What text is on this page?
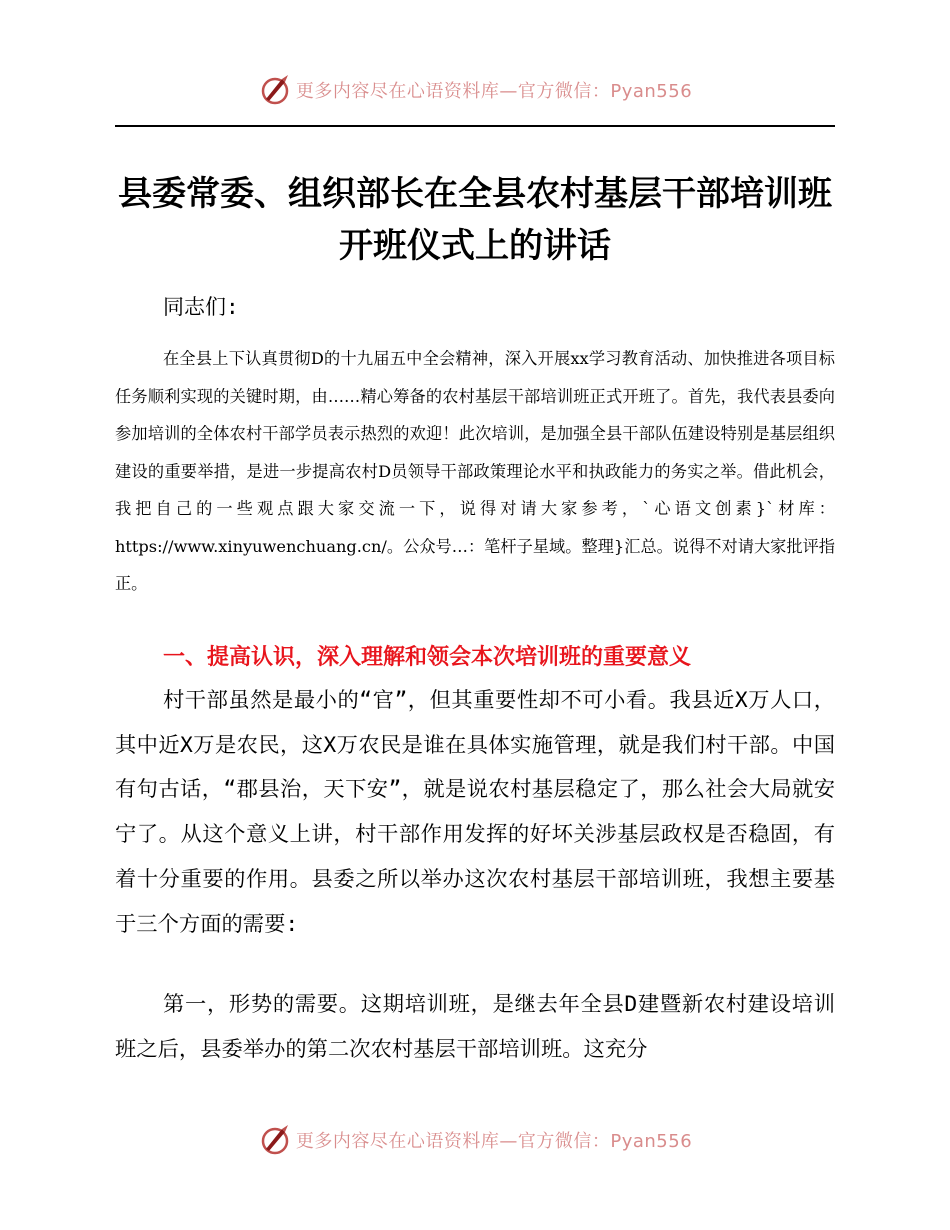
更多内容尽在心语资料库—官方微信：Pyan556
县委常委、组织部长在全县农村基层干部培训班
开班仪式上的讲话

同志们:

在全县上下认真贯彻D的十九届五中全会精神，深入开展xx学习教育活动、加快推进各项目标任务顺利实现的关键时期，由……精心筹备的农村基层干部培训班正式开班了。首先，我代表县委向参加培训的全体农村干部学员表示热烈的欢迎！此次培训，是加强全县干部队伍建设特别是基层组织建设的重要举措，是进一步提高农村D员领导干部政策理论水平和执政能力的务实之举。借此机会，我把自己的一些观点跟大家交流一下，说得对请大家参考，`心语文创素}`材库：https://www.xinyuwenchuang.cn/。公众号…：笔杆子星域。整理}汇总。说得不对请大家批评指正。

一、提高认识，深入理解和领会本次培训班的重要意义

村干部虽然是最小的“官”，但其重要性却不可小看。我县近X万人口，其中近X万是农民，这X万农民是谁在具体实施管理，就是我们村干部。中国有句古话，“郡县治，天下安”，就是说农村基层稳定了，那么社会大局就安宁了。从这个意义上讲，村干部作用发挥的好坏关涉基层政权是否稳固，有着十分重要的作用。县委之所以举办这次农村基层干部培训班，我想主要基于三个方面的需要:

第一，形势的需要。这期培训班，是继去年全县D建暨新农村建设培训班之后，县委举办的第二次农村基层干部培训班。这充分

更多内容尽在心语资料库—官方微信：Pyan556
